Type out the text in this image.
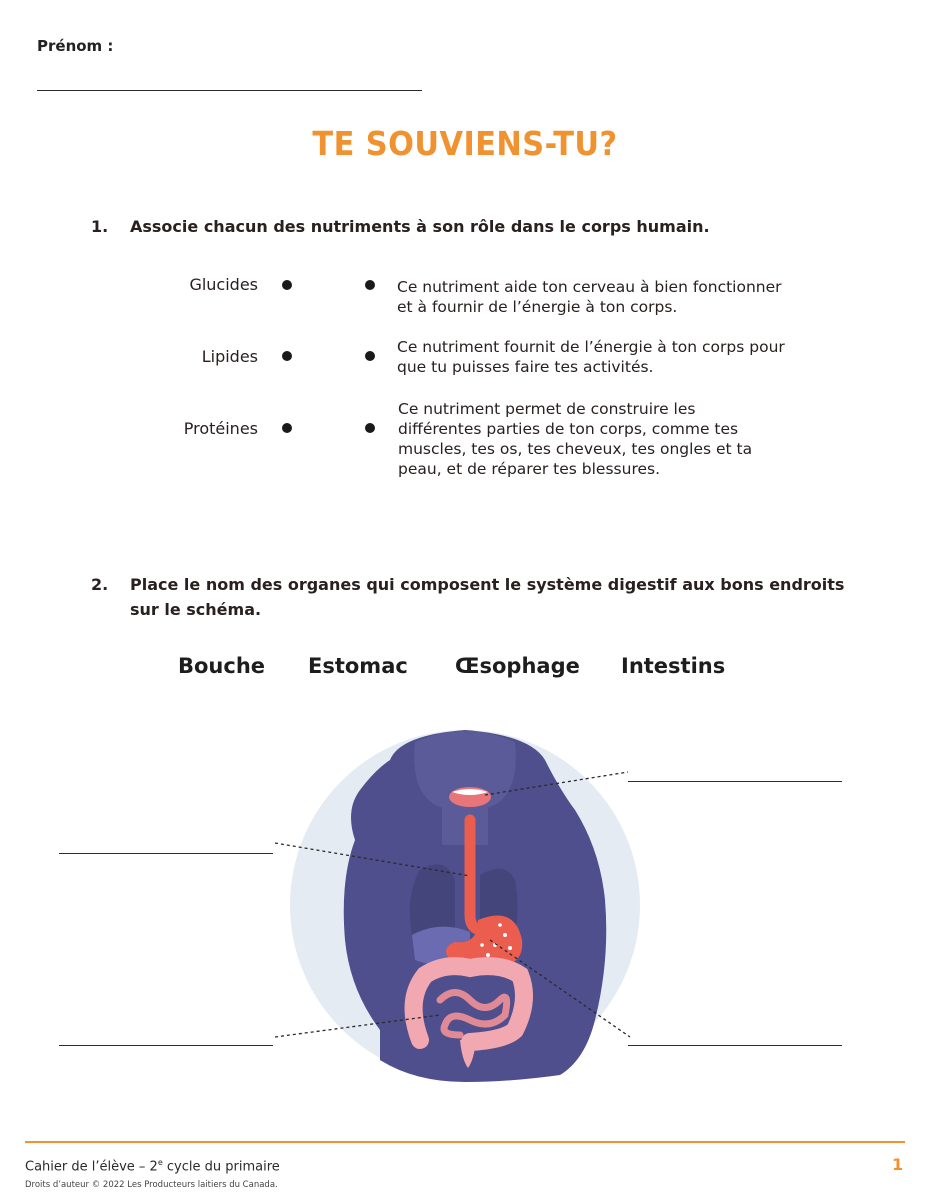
Prénom :
TE SOUVIENS-TU?
1. Associe chacun des nutriments à son rôle dans le corps humain.
Glucides
Lipides
Protéines
Ce nutriment aide ton cerveau à bien fonctionner
et à fournir de l’énergie à ton corps.
Ce nutriment fournit de l’énergie à ton corps pour
que tu puisses faire tes activités.
Ce nutriment permet de construire les
différentes parties de ton corps, comme tes
muscles, tes os, tes cheveux, tes ongles et ta
peau, et de réparer tes blessures.
2. Place le nom des organes qui composent le système digestif aux bons endroits
sur le schéma.
Bouche Estomac Œsophage Intestins
Cahier de l’élève – 2e cycle du primaire
Droits d’auteur © 2022 Les Producteurs laitiers du Canada.
1
